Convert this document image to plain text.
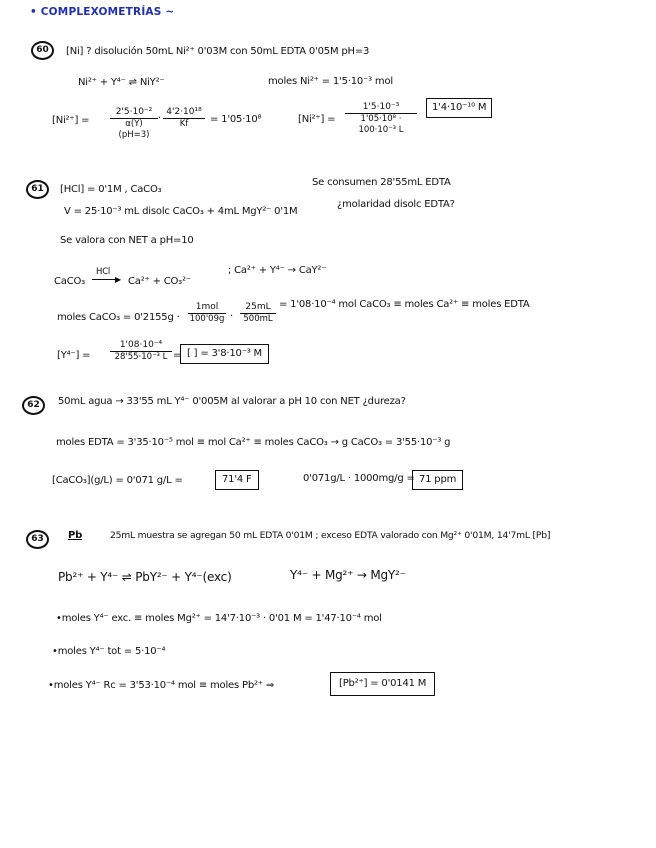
• COMPLEXOMETRÍAS ~
60	[Ni] ? disolución 50mL Ni²⁺ 0'03M con 50mL EDTA 0'05M pH=3
Ni²⁺ + Y⁴⁻ ⇌ NiY²⁻	moles Ni²⁺ = 1'5·10⁻³ mol
$[Ni^{2+}] = \frac{\text{2'5·10⁻²}}{\alpha(Y)(pH=3)} \cdot \frac{\text{4'2·10¹⁸}}{Kf} = 1'05\cdot 10^8$	$[Ni^{2+}] = \frac{\text{1'5·10⁻³}}{\text{1'05·10⁸ · 100·10⁻³ L}}$	1'4·10⁻¹⁰ M
61	[HCl] = 0'1M , CaCO₃
Se consumen 28'55mL EDTA
V = 25·10⁻³ mL disolc CaCO₃ + 4mL MgY²⁻ 0'1M
¿molaridad disolc EDTA?
Se valora con NET a pH=10
CaCO₃
HCl
▶ Ca²⁺ + CO₃²⁻
; Ca²⁺ + Y⁴⁻ → CaY²⁻
moles CaCO₃ = 0'2155g ·
1mol
$100'09g \cdot \frac{25mL}{500mL} = 1'08\cdot 10^{-4}$ mol CaCO₃ ≡ moles Ca²⁺ ≡ moles EDTA
$[Y^{4-}] = \frac{\text{1'08·10⁻⁴}}{\text{28'55·10⁻³ L}}$ = [ ] = 3'8·10⁻³ M
62	50mL agua → 33'55 mL Y⁴⁻ 0'005M al valorar a pH 10 con NET ¿dureza?
moles EDTA = 3'35·10⁻⁵ mol ≡ mol Ca²⁺ ≡ moles CaCO₃ → g CaCO₃ = 3'55·10⁻³ g
[CaCO₃](g/L) = 0'071 g/L =	71'4 F	0'071g/L · 1000mg/g = 71 ppm
63	Pb	25mL muestra se agregan 50 mL EDTA 0'01M ; exceso EDTA valorado con Mg²⁺ 0'01M, 14'7mL [Pb]
Pb²⁺ + Y⁴⁻ ⇌ PbY²⁻ + Y⁴⁻(exc)	Y⁴⁻ + Mg²⁺ → MgY²⁻
•moles Y⁴⁻ exc. ≡ moles Mg²⁺ = 14'7·10⁻³ · 0'01 M = 1'47·10⁻⁴ mol
•moles Y⁴⁻ tot = 5·10⁻⁴
•moles Y⁴⁻ Rc = 3'53·10⁻⁴ mol ≡ moles Pb²⁺ ⇒	[Pb²⁺] = 0'0141 M
